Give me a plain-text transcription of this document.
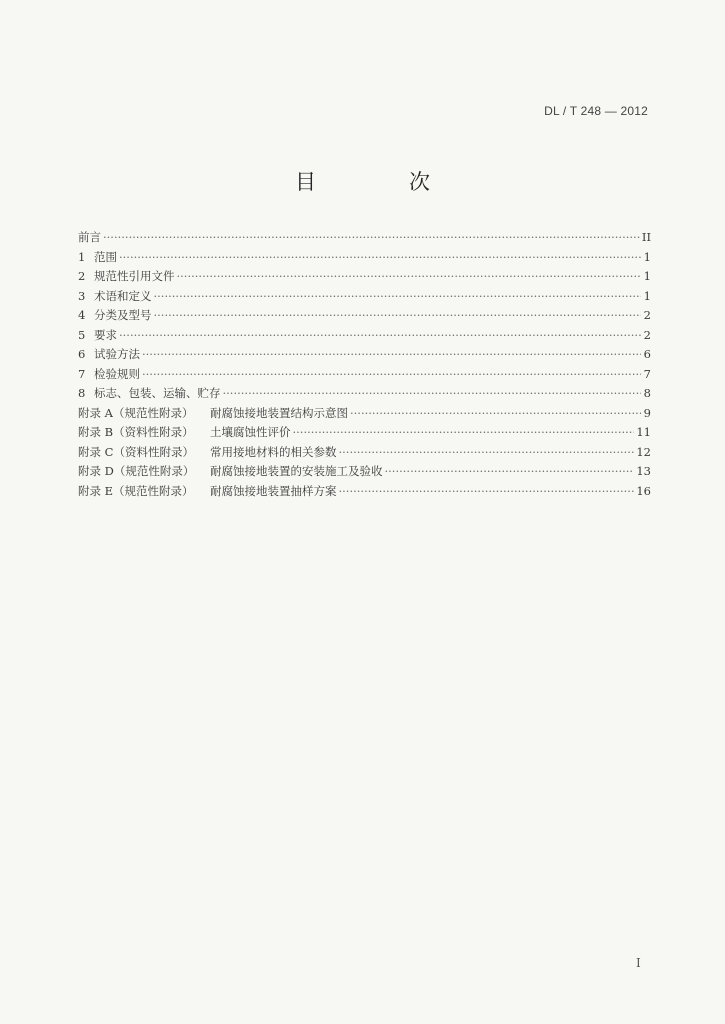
DL / T 248 — 2012
目　次
前言 ·····	II
1 范围 ·····	1
2 规范性引用文件 ·····	1
3 术语和定义 ·····	1
4 分类及型号 ·····	2
5 要求 ·····	2
6 试验方法 ·····	6
7 检验规则 ·····	7
8 标志、包装、运输、贮存 ·····	8
附录 A（规范性附录） 耐腐蚀接地装置结构示意图 ·····	9
附录 B（资料性附录） 土壤腐蚀性评价 ·····	11
附录 C（资料性附录） 常用接地材料的相关参数 ·····	12
附录 D（规范性附录） 耐腐蚀接地装置的安装施工及验收 ·····	13
附录 E（规范性附录） 耐腐蚀接地装置抽样方案 ·····	16
I
